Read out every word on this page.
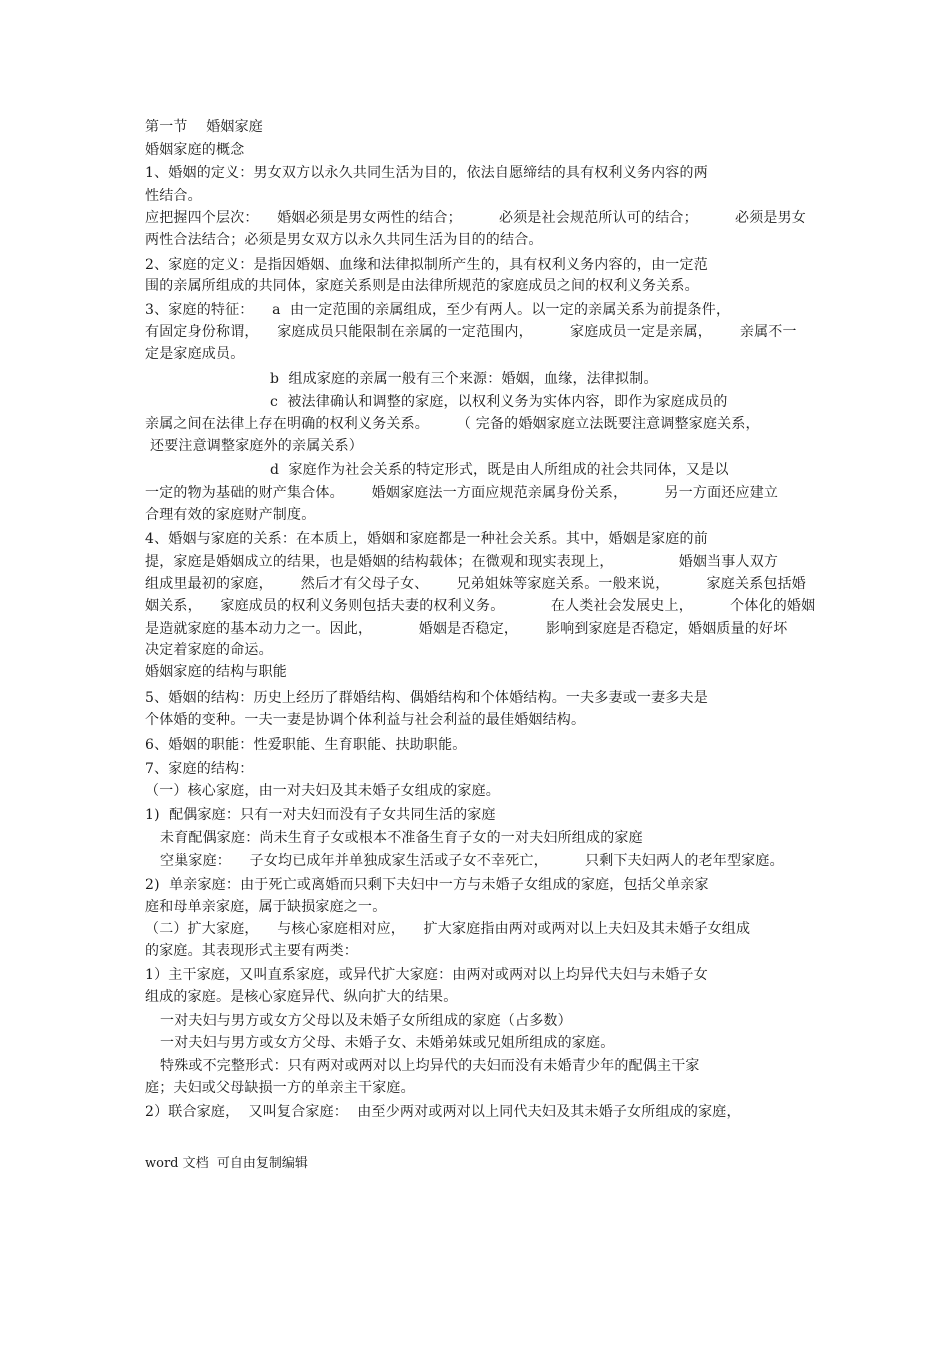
第一节    婚姻家庭
婚姻家庭的概念
1、婚姻的定义：男女双方以永久共同生活为目的，依法自愿缔结的具有权利义务内容的两
性结合。
应把握四个层次：    婚姻必须是男女两性的结合；        必须是社会规范所认可的结合；        必须是男女
两性合法结合；必须是男女双方以永久共同生活为目的的结合。
2、家庭的定义：是指因婚姻、血缘和法律拟制所产生的，具有权利义务内容的，由一定范
围的亲属所组成的共同体，家庭关系则是由法律所规范的家庭成员之间的权利义务关系。
3、家庭的特征：    a  由一定范围的亲属组成，至少有两人。以一定的亲属关系为前提条件，
有固定身份称谓，    家庭成员只能限制在亲属的一定范围内，        家庭成员一定是亲属，      亲属不一
定是家庭成员。
b  组成家庭的亲属一般有三个来源：婚姻，血缘，法律拟制。
c  被法律确认和调整的家庭，以权利义务为实体内容，即作为家庭成员的
亲属之间在法律上存在明确的权利义务关系。      （ 完备的婚姻家庭立法既要注意调整家庭关系，
还要注意调整家庭外的亲属关系）
d  家庭作为社会关系的特定形式，既是由人所组成的社会共同体，又是以
一定的物为基础的财产集合体。      婚姻家庭法一方面应规范亲属身份关系，        另一方面还应建立
合理有效的家庭财产制度。
4、婚姻与家庭的关系：在本质上，婚姻和家庭都是一种社会关系。其中，婚姻是家庭的前
提，家庭是婚姻成立的结果，也是婚姻的结构载体；在微观和现实表现上，              婚姻当事人双方
组成里最初的家庭，      然后才有父母子女、      兄弟姐妹等家庭关系。一般来说，        家庭关系包括婚
姻关系，    家庭成员的权利义务则包括夫妻的权利义务。          在人类社会发展史上，        个体化的婚姻
是造就家庭的基本动力之一。因此，          婚姻是否稳定，      影响到家庭是否稳定，婚姻质量的好坏
决定着家庭的命运。
婚姻家庭的结构与职能
5、婚姻的结构：历史上经历了群婚结构、偶婚结构和个体婚结构。一夫多妻或一妻多夫是
个体婚的变种。一夫一妻是协调个体利益与社会利益的最佳婚姻结构。
6、婚姻的职能：性爱职能、生育职能、扶助职能。
7、家庭的结构：
（一）核心家庭，由一对夫妇及其未婚子女组成的家庭。
1)  配偶家庭：只有一对夫妇而没有子女共同生活的家庭
未育配偶家庭：尚未生育子女或根本不准备生育子女的一对夫妇所组成的家庭
空巢家庭：    子女均已成年并单独成家生活或子女不幸死亡，        只剩下夫妇两人的老年型家庭。
2)  单亲家庭：由于死亡或离婚而只剩下夫妇中一方与未婚子女组成的家庭，包括父单亲家
庭和母单亲家庭，属于缺损家庭之一。
（二）扩大家庭，    与核心家庭相对应，    扩大家庭指由两对或两对以上夫妇及其未婚子女组成
的家庭。其表现形式主要有两类：
1）主干家庭，又叫直系家庭，或异代扩大家庭：由两对或两对以上均异代夫妇与未婚子女
组成的家庭。是核心家庭异代、纵向扩大的结果。
一对夫妇与男方或女方父母以及未婚子女所组成的家庭（占多数）
一对夫妇与男方或女方父母、未婚子女、未婚弟妹或兄姐所组成的家庭。
特殊或不完整形式：只有两对或两对以上均异代的夫妇而没有未婚青少年的配偶主干家
庭；夫妇或父母缺损一方的单亲主干家庭。
2）联合家庭，  又叫复合家庭：  由至少两对或两对以上同代夫妇及其未婚子女所组成的家庭，
word 文档  可自由复制编辑
